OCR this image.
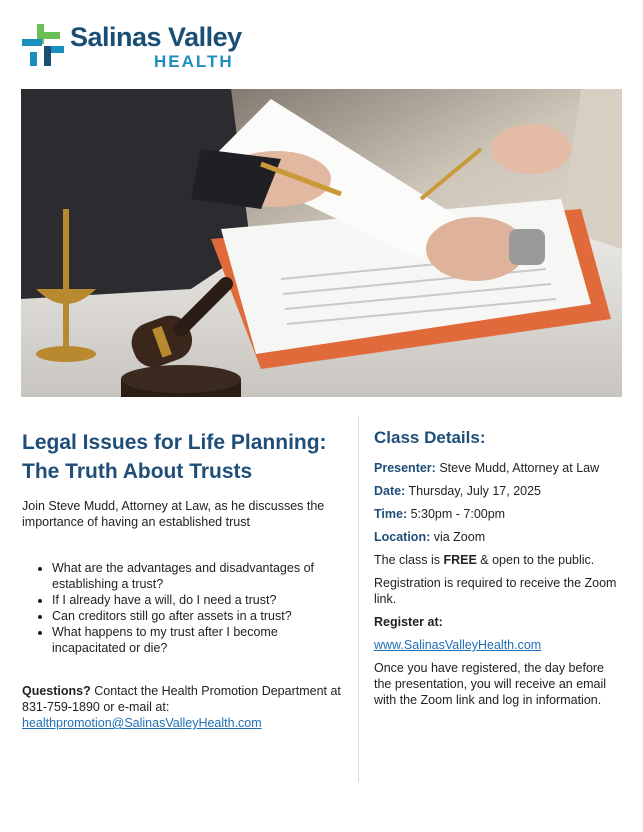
Salinas Valley
HEALTH
Legal Issues for Life Planning: The Truth About Trusts

Join Steve Mudd, Attorney at Law, as he discusses the importance of having an established trust

• What are the advantages and disadvantages of establishing a trust?
• If I already have a will, do I need a trust?
• Can creditors still go after assets in a trust?
• What happens to my trust after I become incapacitated or die?

Questions? Contact the Health Promotion Department at 831-759-1890 or e-mail at:
healthpromotion@SalinasValleyHealth.com

Class Details:

Presenter: Steve Mudd, Attorney at Law

Date: Thursday, July 17, 2025

Time: 5:30pm - 7:00pm

Location: via Zoom

The class is FREE & open to the public.

Registration is required to receive the Zoom link.

Register at:

www.SalinasValleyHealth.com

Once you have registered, the day before the presentation, you will receive an email with the Zoom link and log in information.
